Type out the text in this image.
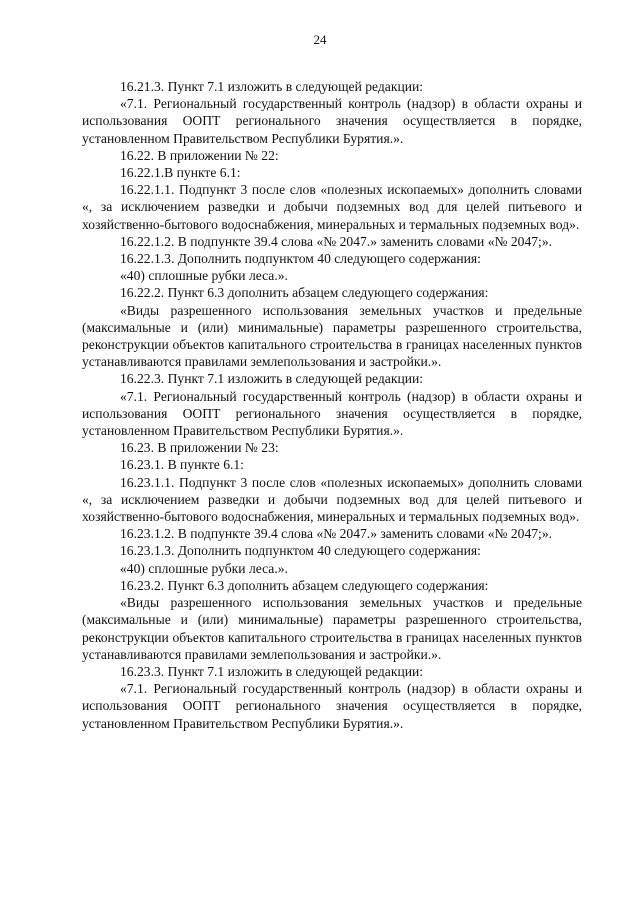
24

16.21.3. Пункт 7.1 изложить в следующей редакции:

«7.1. Региональный государственный контроль (надзор) в области охраны и использования ООПТ регионального значения осуществляется в порядке, установленном Правительством Республики Бурятия.».

16.22. В приложении № 22:

16.22.1.В пункте 6.1:

16.22.1.1. Подпункт 3 после слов «полезных ископаемых» дополнить словами «, за исключением разведки и добычи подземных вод для целей питьевого и хозяйственно-бытового водоснабжения, минеральных и термальных подземных вод».

16.22.1.2. В подпункте 39.4 слова «№ 2047.» заменить словами «№ 2047;».

16.22.1.3. Дополнить подпунктом 40 следующего содержания:

«40) сплошные рубки леса.».

16.22.2. Пункт 6.3 дополнить абзацем следующего содержания:

«Виды разрешенного использования земельных участков и предельные (максимальные и (или) минимальные) параметры разрешенного строительства, реконструкции объектов капитального строительства в границах населенных пунктов устанавливаются правилами землепользования и застройки.».

16.22.3. Пункт 7.1 изложить в следующей редакции:

«7.1. Региональный государственный контроль (надзор) в области охраны и использования ООПТ регионального значения осуществляется в порядке, установленном Правительством Республики Бурятия.».

16.23. В приложении № 23:

16.23.1. В пункте 6.1:

16.23.1.1. Подпункт 3 после слов «полезных ископаемых» дополнить словами «, за исключением разведки и добычи подземных вод для целей питьевого и хозяйственно-бытового водоснабжения, минеральных и термальных подземных вод».

16.23.1.2. В подпункте 39.4 слова «№ 2047.» заменить словами «№ 2047;».

16.23.1.3. Дополнить подпунктом 40 следующего содержания:

«40) сплошные рубки леса.».

16.23.2. Пункт 6.3 дополнить абзацем следующего содержания:

«Виды разрешенного использования земельных участков и предельные (максимальные и (или) минимальные) параметры разрешенного строительства, реконструкции объектов капитального строительства в границах населенных пунктов устанавливаются правилами землепользования и застройки.».

16.23.3. Пункт 7.1 изложить в следующей редакции:

«7.1. Региональный государственный контроль (надзор) в области охраны и использования ООПТ регионального значения осуществляется в порядке, установленном Правительством Республики Бурятия.».
